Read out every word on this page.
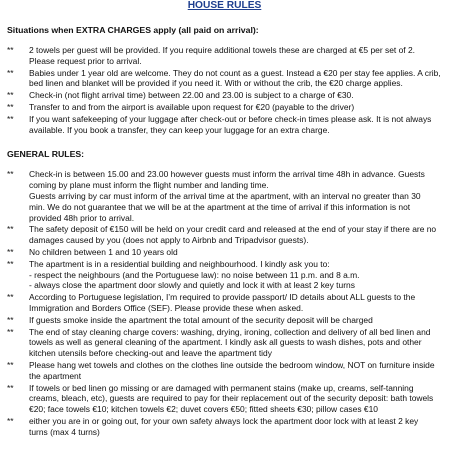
HOUSE RULES
Situations when EXTRA CHARGES apply (all paid on arrival):
**	2 towels per guest will be provided. If you require additional towels these are charged at €5 per set of 2.
Please request prior to arrival.
**	Babies under 1 year old are welcome. They do not count as a guest. Instead a €20 per stay fee applies. A crib,
bed linen and blanket will be provided if you need it. With or without the crib, the €20 charge applies.
**	Check-in (not flight arrival time) between 22.00 and 23.00 is subject to a charge of €30.
**	Transfer to and from the airport is available upon request for €20 (payable to the driver)
**	If you want safekeeping of your luggage after check-out or before check-in times please ask. It is not always
available. If you book a transfer, they can keep your luggage for an extra charge.
GENERAL RULES:
**	Check-in is between 15.00 and 23.00 however guests must inform the arrival time 48h in advance. Guests
coming by plane must inform the flight number and landing time.
Guests arriving by car must inform of the arrival time at the apartment, with an interval no greater than 30
min. We do not guarantee that we will be at the apartment at the time of arrival if this information is not
provided 48h prior to arrival.
**	The safety deposit of €150 will be held on your credit card and released at the end of your stay if there are no
damages caused by you (does not apply to Airbnb and Tripadvisor guests).
**	No children between 1 and 10 years old
**	The apartment is in a residential building and neighbourhood. I kindly ask you to:
- respect the neighbours (and the Portuguese law): no noise between 11 p.m. and 8 a.m.
- always close the apartment door slowly and quietly and lock it with at least 2 key turns
**	According to Portuguese legislation, I’m required to provide passport/ ID details about ALL guests to the
Immigration and Borders Office (SEF). Please provide these when asked.
**	If guests smoke inside the apartment the total amount of the security deposit will be charged
**	The end of stay cleaning charge covers: washing, drying, ironing, collection and delivery of all bed linen and
towels as well as general cleaning of the apartment. I kindly ask all guests to wash dishes, pots and other
kitchen utensils before checking-out and leave the apartment tidy
**	Please hang wet towels and clothes on the clothes line outside the bedroom window, NOT on furniture inside
the apartment
**	If towels or bed linen go missing or are damaged with permanent stains (make up, creams, self-tanning
creams, bleach, etc), guests are required to pay for their replacement out of the security deposit: bath towels
€20; face towels €10; kitchen towels €2; duvet covers €50; fitted sheets €30; pillow cases €10
**	either you are in or going out, for your own safety always lock the apartment door lock with at least 2 key
turns (max 4 turns)
